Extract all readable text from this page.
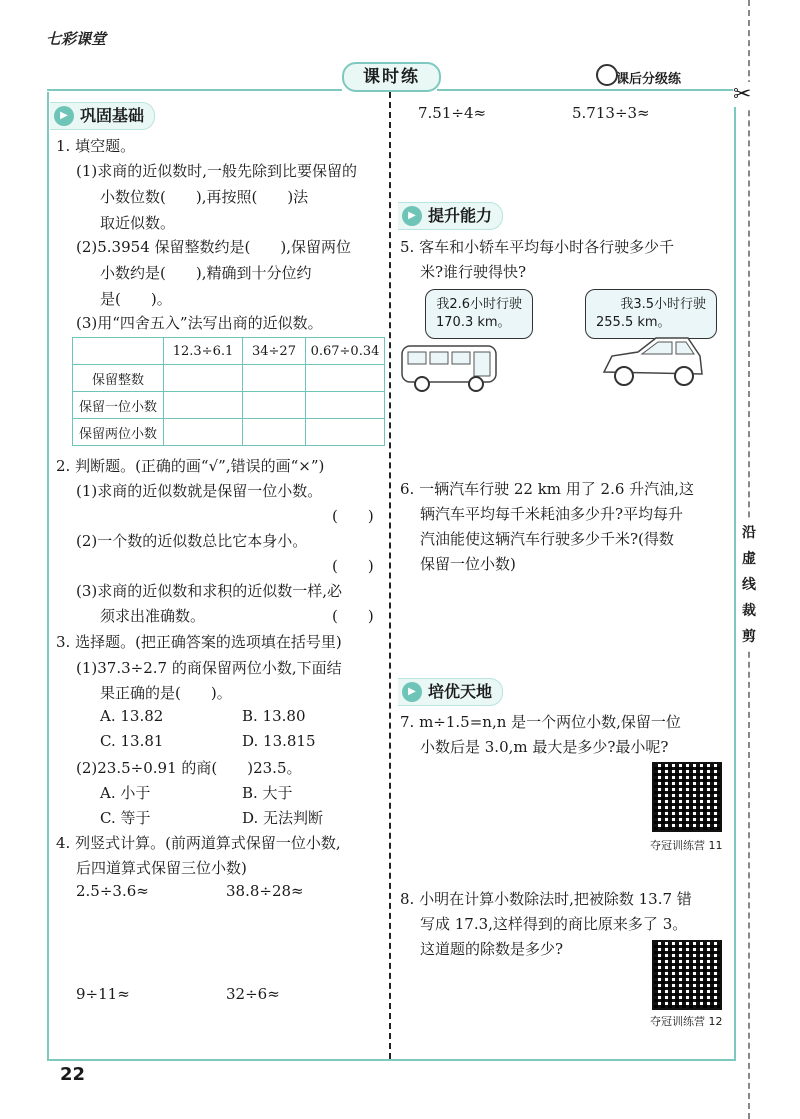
七彩课堂
课时练	课后分级练
✂
沿
虚
线
裁
剪
▶ 巩固基础
1. 填空题。
(1)求商的近似数时,一般先除到比要保留的
小数位数(　　),再按照(　　)法
取近似数。
(2)5.3954 保留整数约是(　　),保留两位
小数约是(　　),精确到十分位约
是(　　)。
(3)用“四舍五入”法写出商的近似数。
	12.3÷6.1	34÷27	0.67÷0.34
保留整数			
保留一位小数			
保留两位小数			
2. 判断题。(正确的画“√”,错误的画“×”)
(1)求商的近似数就是保留一位小数。
(　　)
(2)一个数的近似数总比它本身小。
(　　)
(3)求商的近似数和求积的近似数一样,必
须求出准确数。	(　　)
3. 选择题。(把正确答案的选项填在括号里)
(1)37.3÷2.7 的商保留两位小数,下面结
果正确的是(　　)。
A. 13.82	B. 13.80
C. 13.81	D. 13.815
(2)23.5÷0.91 的商(　　)23.5。
A. 小于	B. 大于
C. 等于	D. 无法判断
4. 列竖式计算。(前两道算式保留一位小数,
后四道算式保留三位小数)
2.5÷3.6≈	38.8÷28≈
9÷11≈	32÷6≈
22
7.51÷4≈	5.713÷3≈
▶ 提升能力
5. 客车和小轿车平均每小时各行驶多少千
米?谁行驶得快?
我2.6小时行驶
170.3 km。
我3.5小时行驶
255.5 km。
6. 一辆汽车行驶 22 km 用了 2.6 升汽油,这
辆汽车平均每千米耗油多少升?平均每升
汽油能使这辆汽车行驶多少千米?(得数
保留一位小数)
▶ 培优天地
7. m÷1.5=n,n 是一个两位小数,保留一位
小数后是 3.0,m 最大是多少?最小呢?
夺冠训练营 11
8. 小明在计算小数除法时,把被除数 13.7 错
写成 17.3,这样得到的商比原来多了 3。
这道题的除数是多少?
夺冠训练营 12
